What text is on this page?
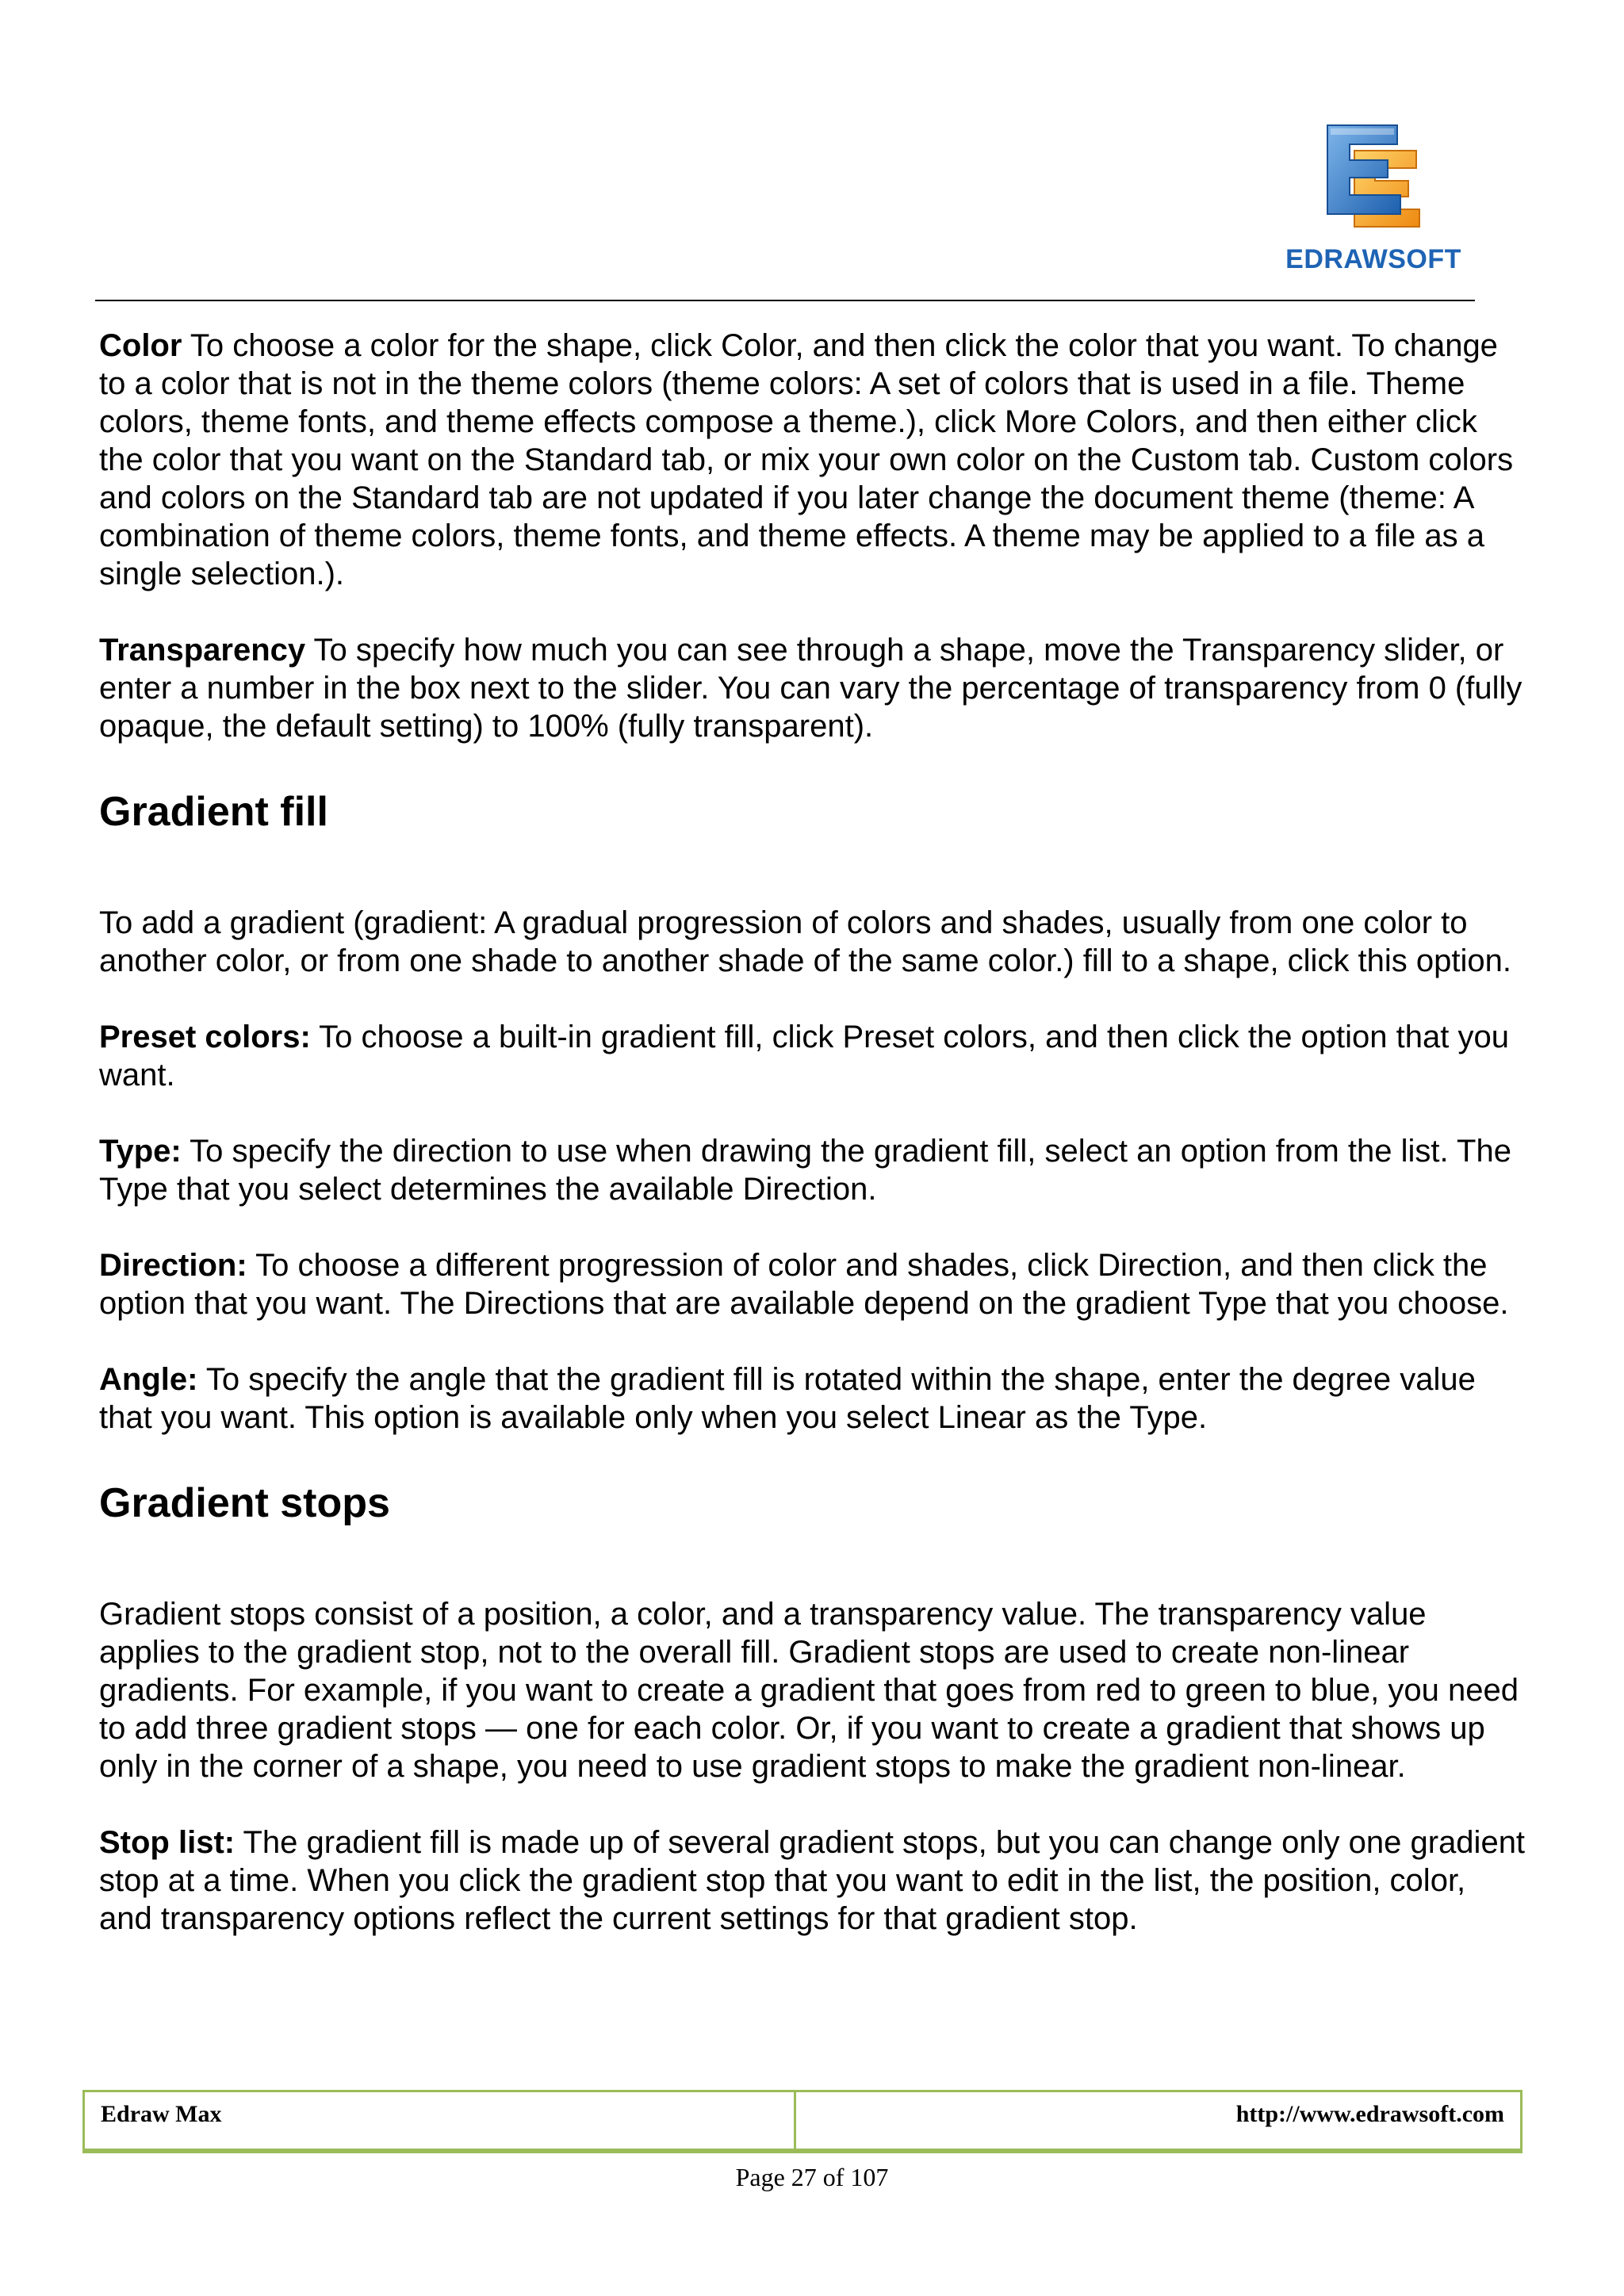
EDRAWSOFT

Color To choose a color for the shape, click Color, and then click the color that you want. To change to a color that is not in the theme colors (theme colors: A set of colors that is used in a file. Theme colors, theme fonts, and theme effects compose a theme.), click More Colors, and then either click the color that you want on the Standard tab, or mix your own color on the Custom tab. Custom colors and colors on the Standard tab are not updated if you later change the document theme (theme: A combination of theme colors, theme fonts, and theme effects. A theme may be applied to a file as a single selection.).

Transparency To specify how much you can see through a shape, move the Transparency slider, or enter a number in the box next to the slider. You can vary the percentage of transparency from 0 (fully opaque, the default setting) to 100% (fully transparent).

Gradient fill

To add a gradient (gradient: A gradual progression of colors and shades, usually from one color to another color, or from one shade to another shade of the same color.) fill to a shape, click this option.

Preset colors: To choose a built-in gradient fill, click Preset colors, and then click the option that you want.

Type: To specify the direction to use when drawing the gradient fill, select an option from the list. The Type that you select determines the available Direction.

Direction: To choose a different progression of color and shades, click Direction, and then click the option that you want. The Directions that are available depend on the gradient Type that you choose.

Angle: To specify the angle that the gradient fill is rotated within the shape, enter the degree value that you want. This option is available only when you select Linear as the Type.

Gradient stops

Gradient stops consist of a position, a color, and a transparency value. The transparency value applies to the gradient stop, not to the overall fill. Gradient stops are used to create non-linear gradients. For example, if you want to create a gradient that goes from red to green to blue, you need to add three gradient stops — one for each color. Or, if you want to create a gradient that shows up only in the corner of a shape, you need to use gradient stops to make the gradient non-linear.

Stop list: The gradient fill is made up of several gradient stops, but you can change only one gradient stop at a time. When you click the gradient stop that you want to edit in the list, the position, color, and transparency options reflect the current settings for that gradient stop.

Edraw Max	http://www.edrawsoft.com
Page 27 of 107
